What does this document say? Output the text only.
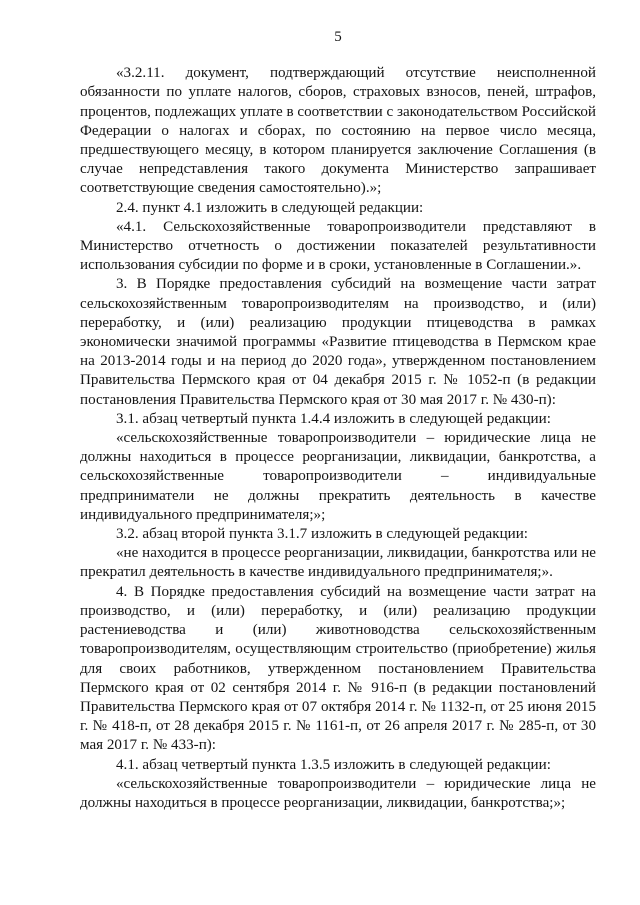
5

«3.2.11. документ, подтверждающий отсутствие неисполненной обязанности по уплате налогов, сборов, страховых взносов, пеней, штрафов, процентов, подлежащих уплате в соответствии с законодательством Российской Федерации о налогах и сборах, по состоянию на первое число месяца, предшествующего месяцу, в котором планируется заключение Соглашения (в случае непредставления такого документа Министерство запрашивает соответствующие сведения самостоятельно).»;

2.4. пункт 4.1 изложить в следующей редакции:

«4.1. Сельскохозяйственные товаропроизводители представляют в Министерство отчетность о достижении показателей результативности использования субсидии по форме и в сроки, установленные в Соглашении.».

3. В Порядке предоставления субсидий на возмещение части затрат сельскохозяйственным товаропроизводителям на производство, и (или) переработку, и (или) реализацию продукции птицеводства в рамках экономически значимой программы «Развитие птицеводства в Пермском крае на 2013-2014 годы и на период до 2020 года», утвержденном постановлением Правительства Пермского края от 04 декабря 2015 г. № 1052-п (в редакции постановления Правительства Пермского края от 30 мая 2017 г. № 430-п):

3.1. абзац четвертый пункта 1.4.4 изложить в следующей редакции:

«сельскохозяйственные товаропроизводители – юридические лица не должны находиться в процессе реорганизации, ликвидации, банкротства, а сельскохозяйственные товаропроизводители – индивидуальные предприниматели не должны прекратить деятельность в качестве индивидуального предпринимателя;»;

3.2. абзац второй пункта 3.1.7 изложить в следующей редакции:

«не находится в процессе реорганизации, ликвидации, банкротства или не прекратил деятельность в качестве индивидуального предпринимателя;».

4. В Порядке предоставления субсидий на возмещение части затрат на производство, и (или) переработку, и (или) реализацию продукции растениеводства и (или) животноводства сельскохозяйственным товаропроизводителям, осуществляющим строительство (приобретение) жилья для своих работников, утвержденном постановлением Правительства Пермского края от 02 сентября 2014 г. № 916-п (в редакции постановлений Правительства Пермского края от 07 октября 2014 г. № 1132-п, от 25 июня 2015 г. № 418-п, от 28 декабря 2015 г. № 1161-п, от 26 апреля 2017 г. № 285-п, от 30 мая 2017 г. № 433-п):

4.1. абзац четвертый пункта 1.3.5 изложить в следующей редакции:

«сельскохозяйственные товаропроизводители – юридические лица не должны находиться в процессе реорганизации, ликвидации, банкротства;»;
